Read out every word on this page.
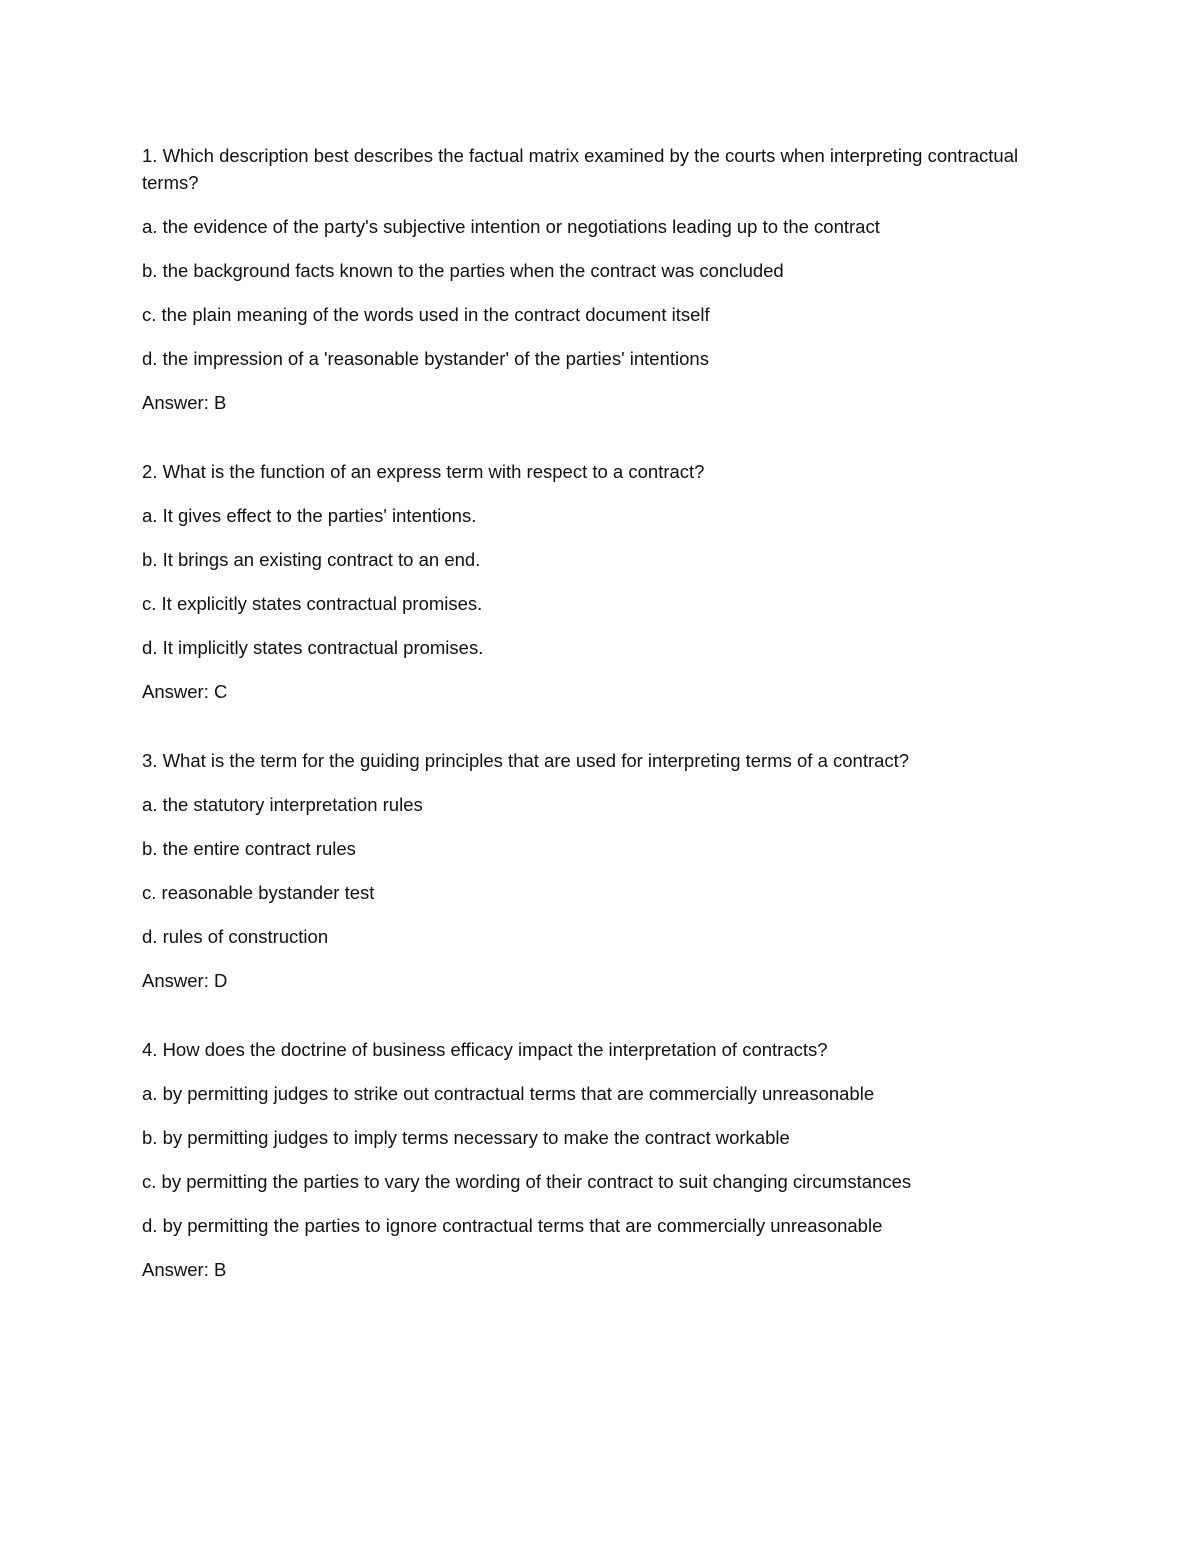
1. Which description best describes the factual matrix examined by the courts when interpreting contractual terms?

a. the evidence of the party's subjective intention or negotiations leading up to the contract

b. the background facts known to the parties when the contract was concluded

c. the plain meaning of the words used in the contract document itself

d. the impression of a 'reasonable bystander' of the parties' intentions

Answer: B

2. What is the function of an express term with respect to a contract?

a. It gives effect to the parties' intentions.

b. It brings an existing contract to an end.

c. It explicitly states contractual promises.

d. It implicitly states contractual promises.

Answer: C

3. What is the term for the guiding principles that are used for interpreting terms of a contract?

a. the statutory interpretation rules

b. the entire contract rules

c. reasonable bystander test

d. rules of construction

Answer: D

4. How does the doctrine of business efficacy impact the interpretation of contracts?

a. by permitting judges to strike out contractual terms that are commercially unreasonable

b. by permitting judges to imply terms necessary to make the contract workable

c. by permitting the parties to vary the wording of their contract to suit changing circumstances

d. by permitting the parties to ignore contractual terms that are commercially unreasonable

Answer: B
